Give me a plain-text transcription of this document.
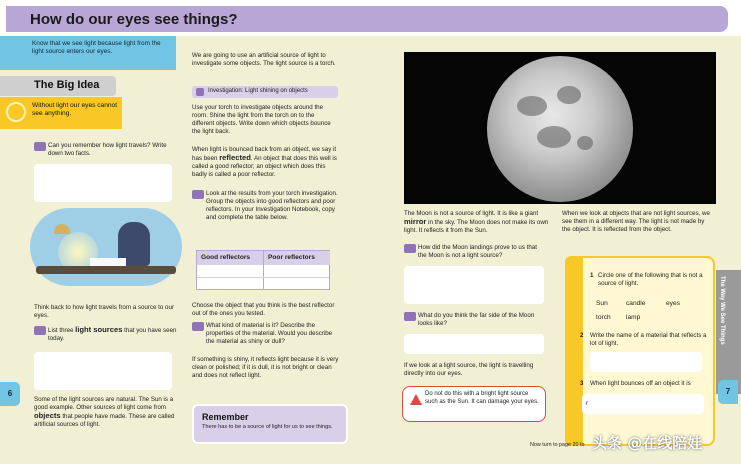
How do our eyes see things?
Know that we see light because light from the light source enters our eyes.
The Big Idea
Without light our eyes cannot see anything.
Can you remember how light travels? Write down two facts.
Think back to how light travels from a source to our eyes.
List three light sources that you have seen today.
Some of the light sources are natural. The Sun is a good example. Other sources of light come from objects that people have made. These are called artificial sources of light.
6
We are going to use an artificial source of light to investigate some objects. The light source is a torch.
Investigation: Light shining on objects
Use your torch to investigate objects around the room. Shine the light from the torch on to the different objects. Write down which objects bounce the light back.
When light is bounced back from an object, we say it has been reflected. An object that does this well is called a good reflector; an object which does this badly is called a poor reflector.
Look at the results from your torch investigation. Group the objects into good reflectors and poor reflectors. In your Investigation Notebook, copy and complete the table below.
Good reflectors	Poor reflectors
Choose the object that you think is the best reflector out of the ones you tested.
What kind of material is it? Describe the properties of the material. Would you describe the material as shiny or dull?
If something is shiny, it reflects light because it is very clean or polished; if it is dull, it is not bright or clean and does not reflect light.
Remember
There has to be a source of light for us to see things.
The Moon is not a source of light. It is like a giant mirror in the sky. The Moon does not make its own light. It reflects it from the Sun.
How did the Moon landings prove to us that the Moon is not a light source?
What do you think the far side of the Moon looks like?
If we look at a light source, the light is travelling directly into our eyes.
Do not do this with a bright light source such as the Sun. It can damage your eyes.
When we look at objects that are not light sources, we see them in a different way. The light is not made by the object. It is reflected from the object.
1 Circle one of the following that is not a source of light.
Sun	candle	eyes
torch lamp
2 Write the name of a material that reflects a lot of light.
3 When light bounces off an object it is
r
The Way We See Things
7
Now turn to page 20 to 头条 @在线陪娃
